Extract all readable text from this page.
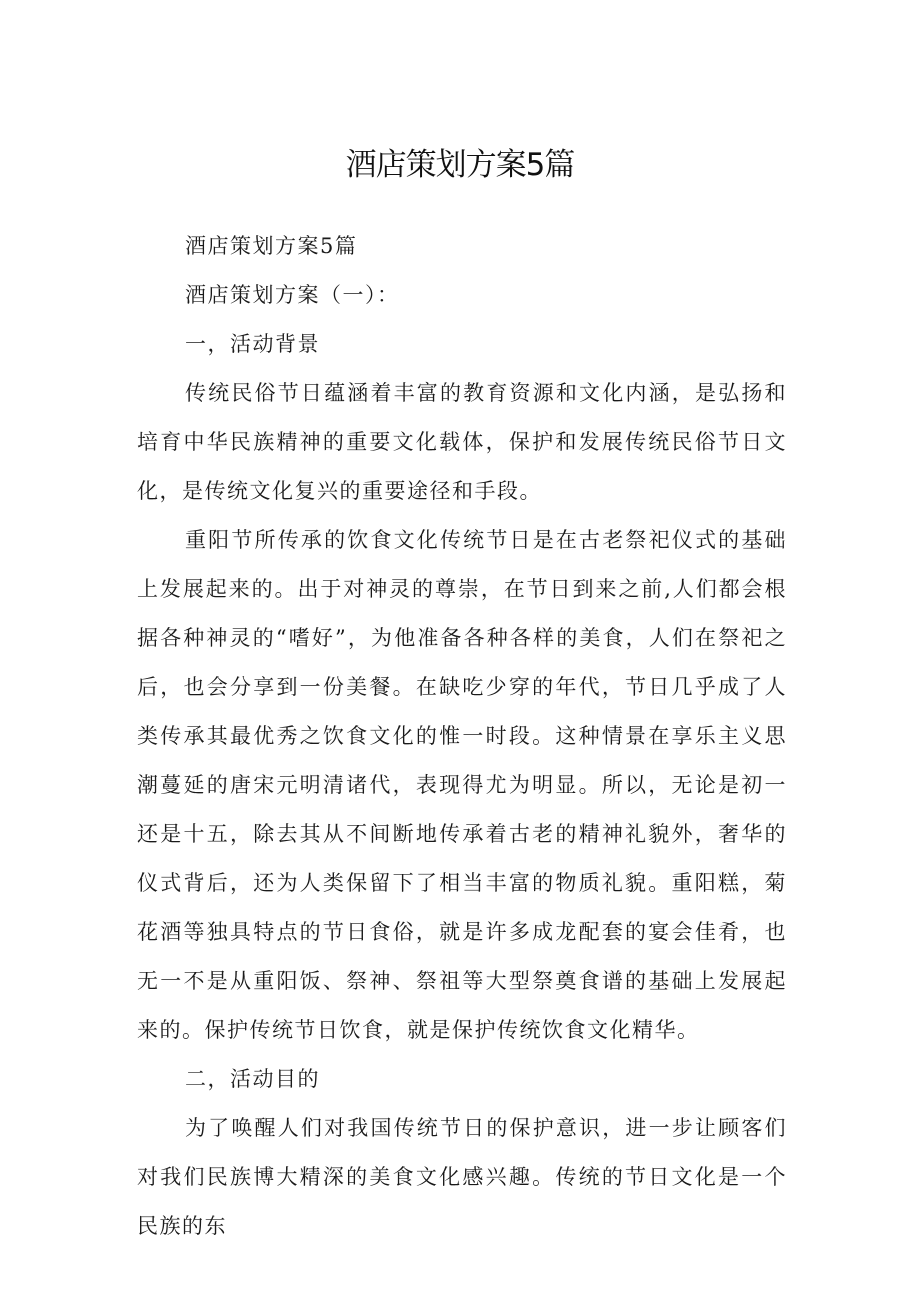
酒店策划方案5篇

酒店策划方案5篇

酒店策划方案（一）：

一，活动背景

传统民俗节日蕴涵着丰富的教育资源和文化内涵，是弘扬和培育中华民族精神的重要文化载体，保护和发展传统民俗节日文化，是传统文化复兴的重要途径和手段。

重阳节所传承的饮食文化传统节日是在古老祭祀仪式的基础上发展起来的。出于对神灵的尊崇，在节日到来之前,人们都会根据各种神灵的“嗜好”，为他准备各种各样的美食，人们在祭祀之后，也会分享到一份美餐。在缺吃少穿的年代，节日几乎成了人类传承其最优秀之饮食文化的惟一时段。这种情景在享乐主义思潮蔓延的唐宋元明清诸代，表现得尤为明显。所以，无论是初一还是十五，除去其从不间断地传承着古老的精神礼貌外，奢华的仪式背后，还为人类保留下了相当丰富的物质礼貌。重阳糕，菊花酒等独具特点的节日食俗，就是许多成龙配套的宴会佳肴，也无一不是从重阳饭、祭神、祭祖等大型祭奠食谱的基础上发展起来的。保护传统节日饮食，就是保护传统饮食文化精华。

二，活动目的

为了唤醒人们对我国传统节日的保护意识，进一步让顾客们对我们民族博大精深的美食文化感兴趣。传统的节日文化是一个民族的东
